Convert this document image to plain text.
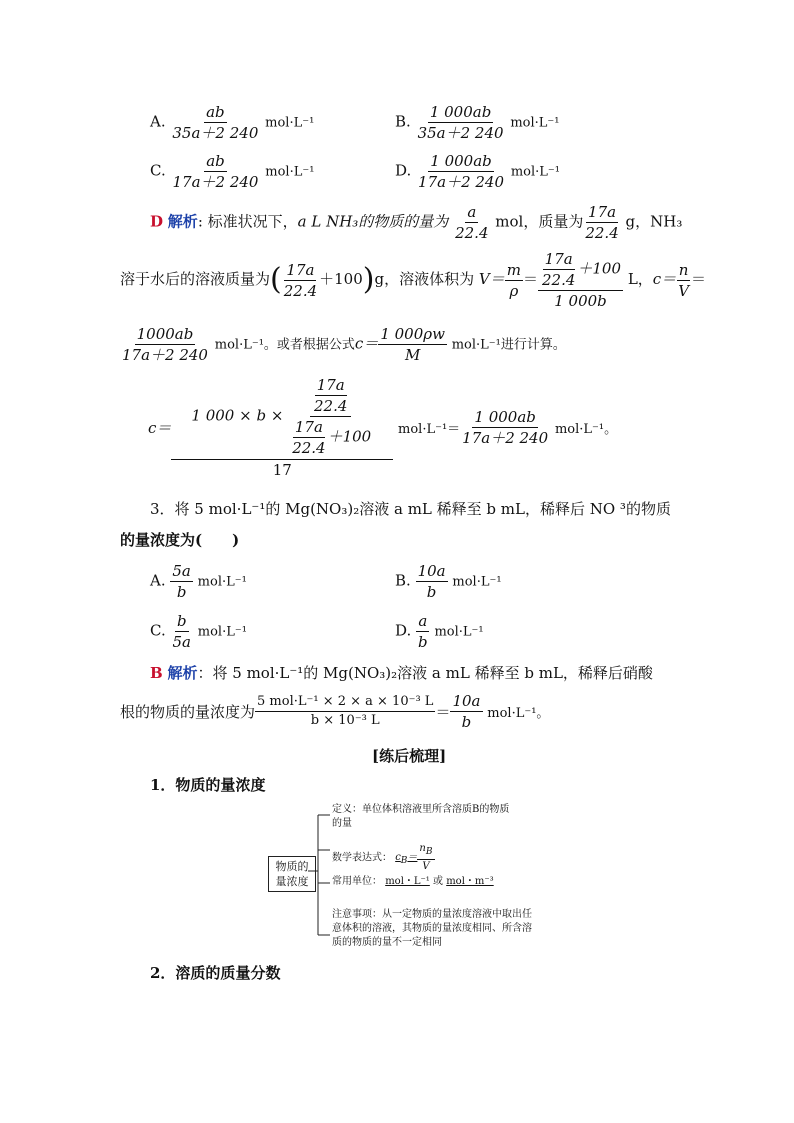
A. $\frac{ab}{35a+2 240} mol\cdot L^{-1}$	B. $\frac{1 000ab}{35a+2 240} mol\cdot L^{-1}$
C. $\frac{ab}{17a+2 240} mol\cdot L^{-1}$	D. $\frac{1 000ab}{17a+2 240} mol\cdot L^{-1}$
D 解析: 标准状况下，a L NH₃的物质的量为 $\frac{a}{22.4}$ mol，质量为 $\frac{17a}{22.4}$ g，NH₃
溶于水后的溶液质量为( $\frac{17a}{22.4} +100)g$，溶液体积为 $V= \frac{m}{\rho} = \frac{\frac{17a}{22.4} +100}{1 000b}$ L，$c= \frac{n}{V}$ ＝
$\frac{1000ab}{17a+2 240} mol\cdot L^{-1}$。或者根据公式$c= \frac{1 000\rho w}{M} mol\cdot L^{-1}$进行计算。
$c= \frac{1 000 \times b \times \frac{\frac{17a}{22.4}}{\frac{17a}{22.4} +100}}{17} mol\cdot L^{-1}= \frac{1 000ab}{17a+2 240} mol\cdot L^{-1}$。
3．将 5 mol·L⁻¹的 Mg(NO₃)₂溶液 a mL 稀释至 b mL，稀释后 NO ³的物质
的量浓度为(　　)
A. $\frac{5a}{b} mol\cdot L^{-1}$	B. $\frac{10a}{b} mol\cdot L^{-1}$
C. $\frac{b}{5a} mol\cdot L^{-1}$	D. $\frac{a}{b} mol\cdot L^{-1}$
B 解析：将 5 mol·L⁻¹的 Mg(NO₃)₂溶液 a mL 稀释至 b mL，稀释后硝酸
根的物质的量浓度为 $\frac{\text{5 mol·L⁻¹ × 2 × a × 10⁻³ L}}{\text{b × 10⁻³ L}} = \frac{10a}{b} mol\cdot L^{-1}$。
[练后梳理]
1．物质的量浓度
物质的
量浓度
定义：单位体积溶液里所含溶质B的物质
的量
数学表达式： $c_B= \frac{n_B}{V}$
常用单位： mol・L⁻¹ 或 mol・m⁻³
注意事项：从一定物质的量浓度溶液中取出任
意体积的溶液，其物质的量浓度相同、所含溶
质的物质的量不一定相同
2．溶质的质量分数
